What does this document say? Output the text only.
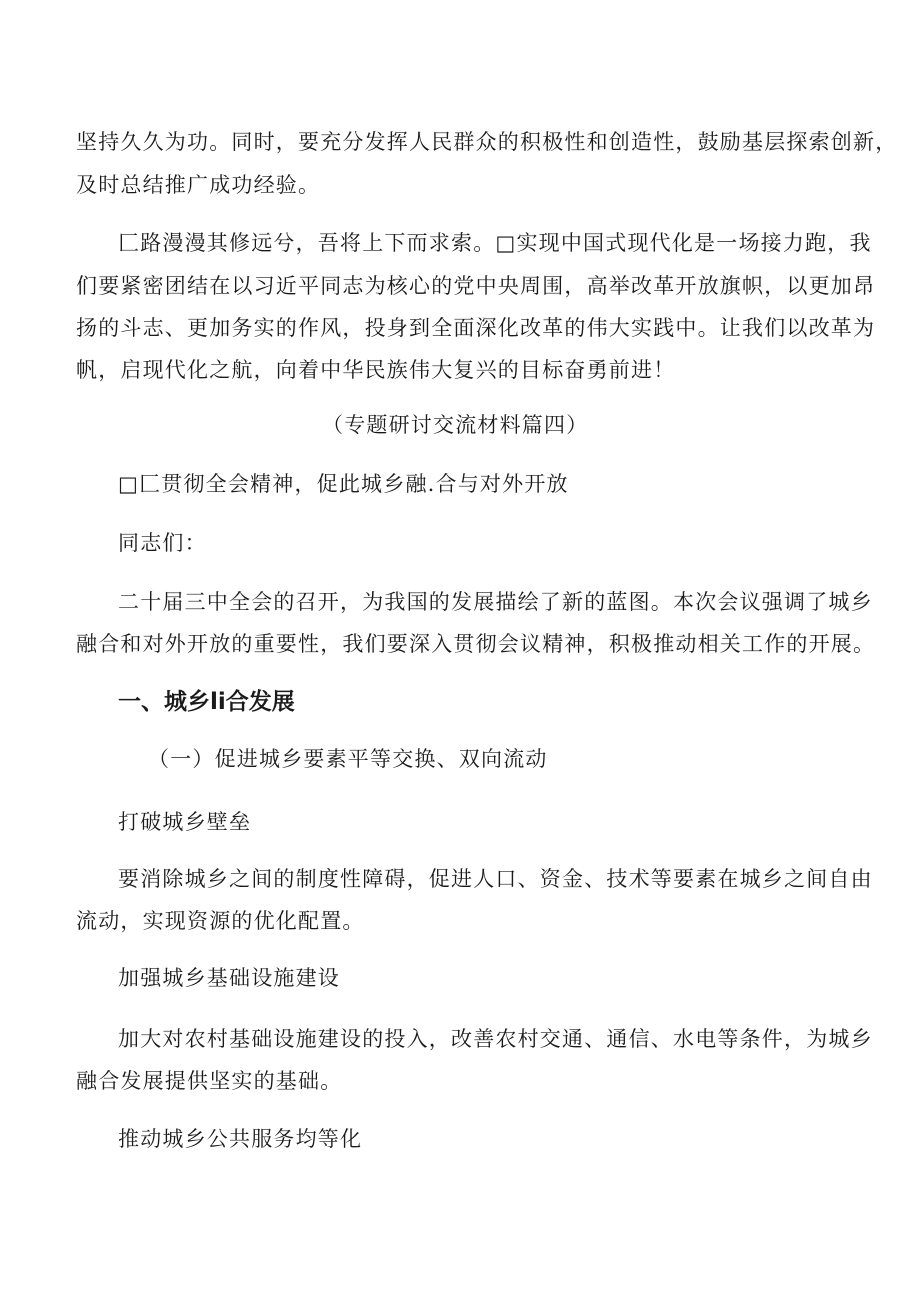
坚持久久为功。同时，要充分发挥人民群众的积极性和创造性，鼓励基层探索创新，
及时总结推广成功经验。
匚路漫漫其修远兮，吾将上下而求索。□实现中国式现代化是一场接力跑，我
们要紧密团结在以习近平同志为核心的党中央周围，高举改革开放旗帜，以更加昂
扬的斗志、更加务实的作风，投身到全面深化改革的伟大实践中。让我们以改革为
帆，启现代化之航，向着中华民族伟大复兴的目标奋勇前进！
（专题研讨交流材料篇四）
□匚贯彻全会精神，促此城乡融.合与对外开放
同志们：
二十届三中全会的召开，为我国的发展描绘了新的蓝图。本次会议强调了城乡
融合和对外开放的重要性，我们要深入贯彻会议精神，积极推动相关工作的开展。
一、城乡li合发展
（一）促进城乡要素平等交换、双向流动
打破城乡壁垒
要消除城乡之间的制度性障碍，促进人口、资金、技术等要素在城乡之间自由
流动，实现资源的优化配置。
加强城乡基础设施建设
加大对农村基础设施建设的投入，改善农村交通、通信、水电等条件，为城乡
融合发展提供坚实的基础。
推动城乡公共服务均等化
